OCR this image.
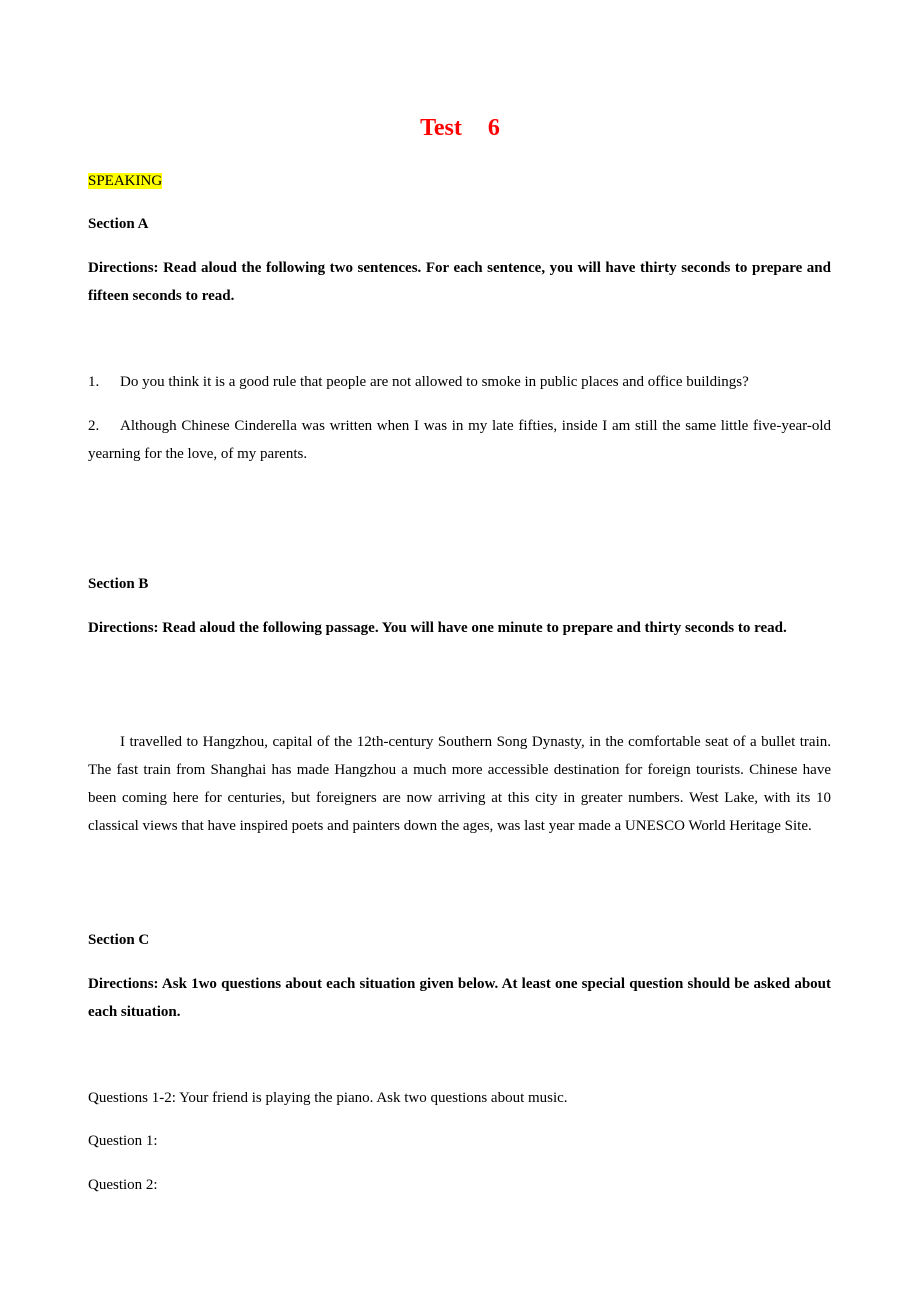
Test 6
SPEAKING
Section A
Directions: Read aloud the following two sentences. For each sentence, you will have thirty seconds to prepare and fifteen seconds to read.
1. Do you think it is a good rule that people are not allowed to smoke in public places and office buildings?
2. Although Chinese Cinderella was written when I was in my late fifties, inside I am still the same little five-year-old yearning for the love, of my parents.
Section B
Directions: Read aloud the following passage. You will have one minute to prepare and thirty seconds to read.
I travelled to Hangzhou, capital of the 12th-century Southern Song Dynasty, in the comfortable seat of a bullet train. The fast train from Shanghai has made Hangzhou a much more accessible destination for foreign tourists. Chinese have been coming here for centuries, but foreigners are now arriving at this city in greater numbers. West Lake, with its 10 classical views that have inspired poets and painters down the ages, was last year made a UNESCO World Heritage Site.
Section C
Directions: Ask 1wo questions about each situation given below. At least one special question should be asked about each situation.
Questions 1-2: Your friend is playing the piano. Ask two questions about music.
Question 1:
Question 2:
